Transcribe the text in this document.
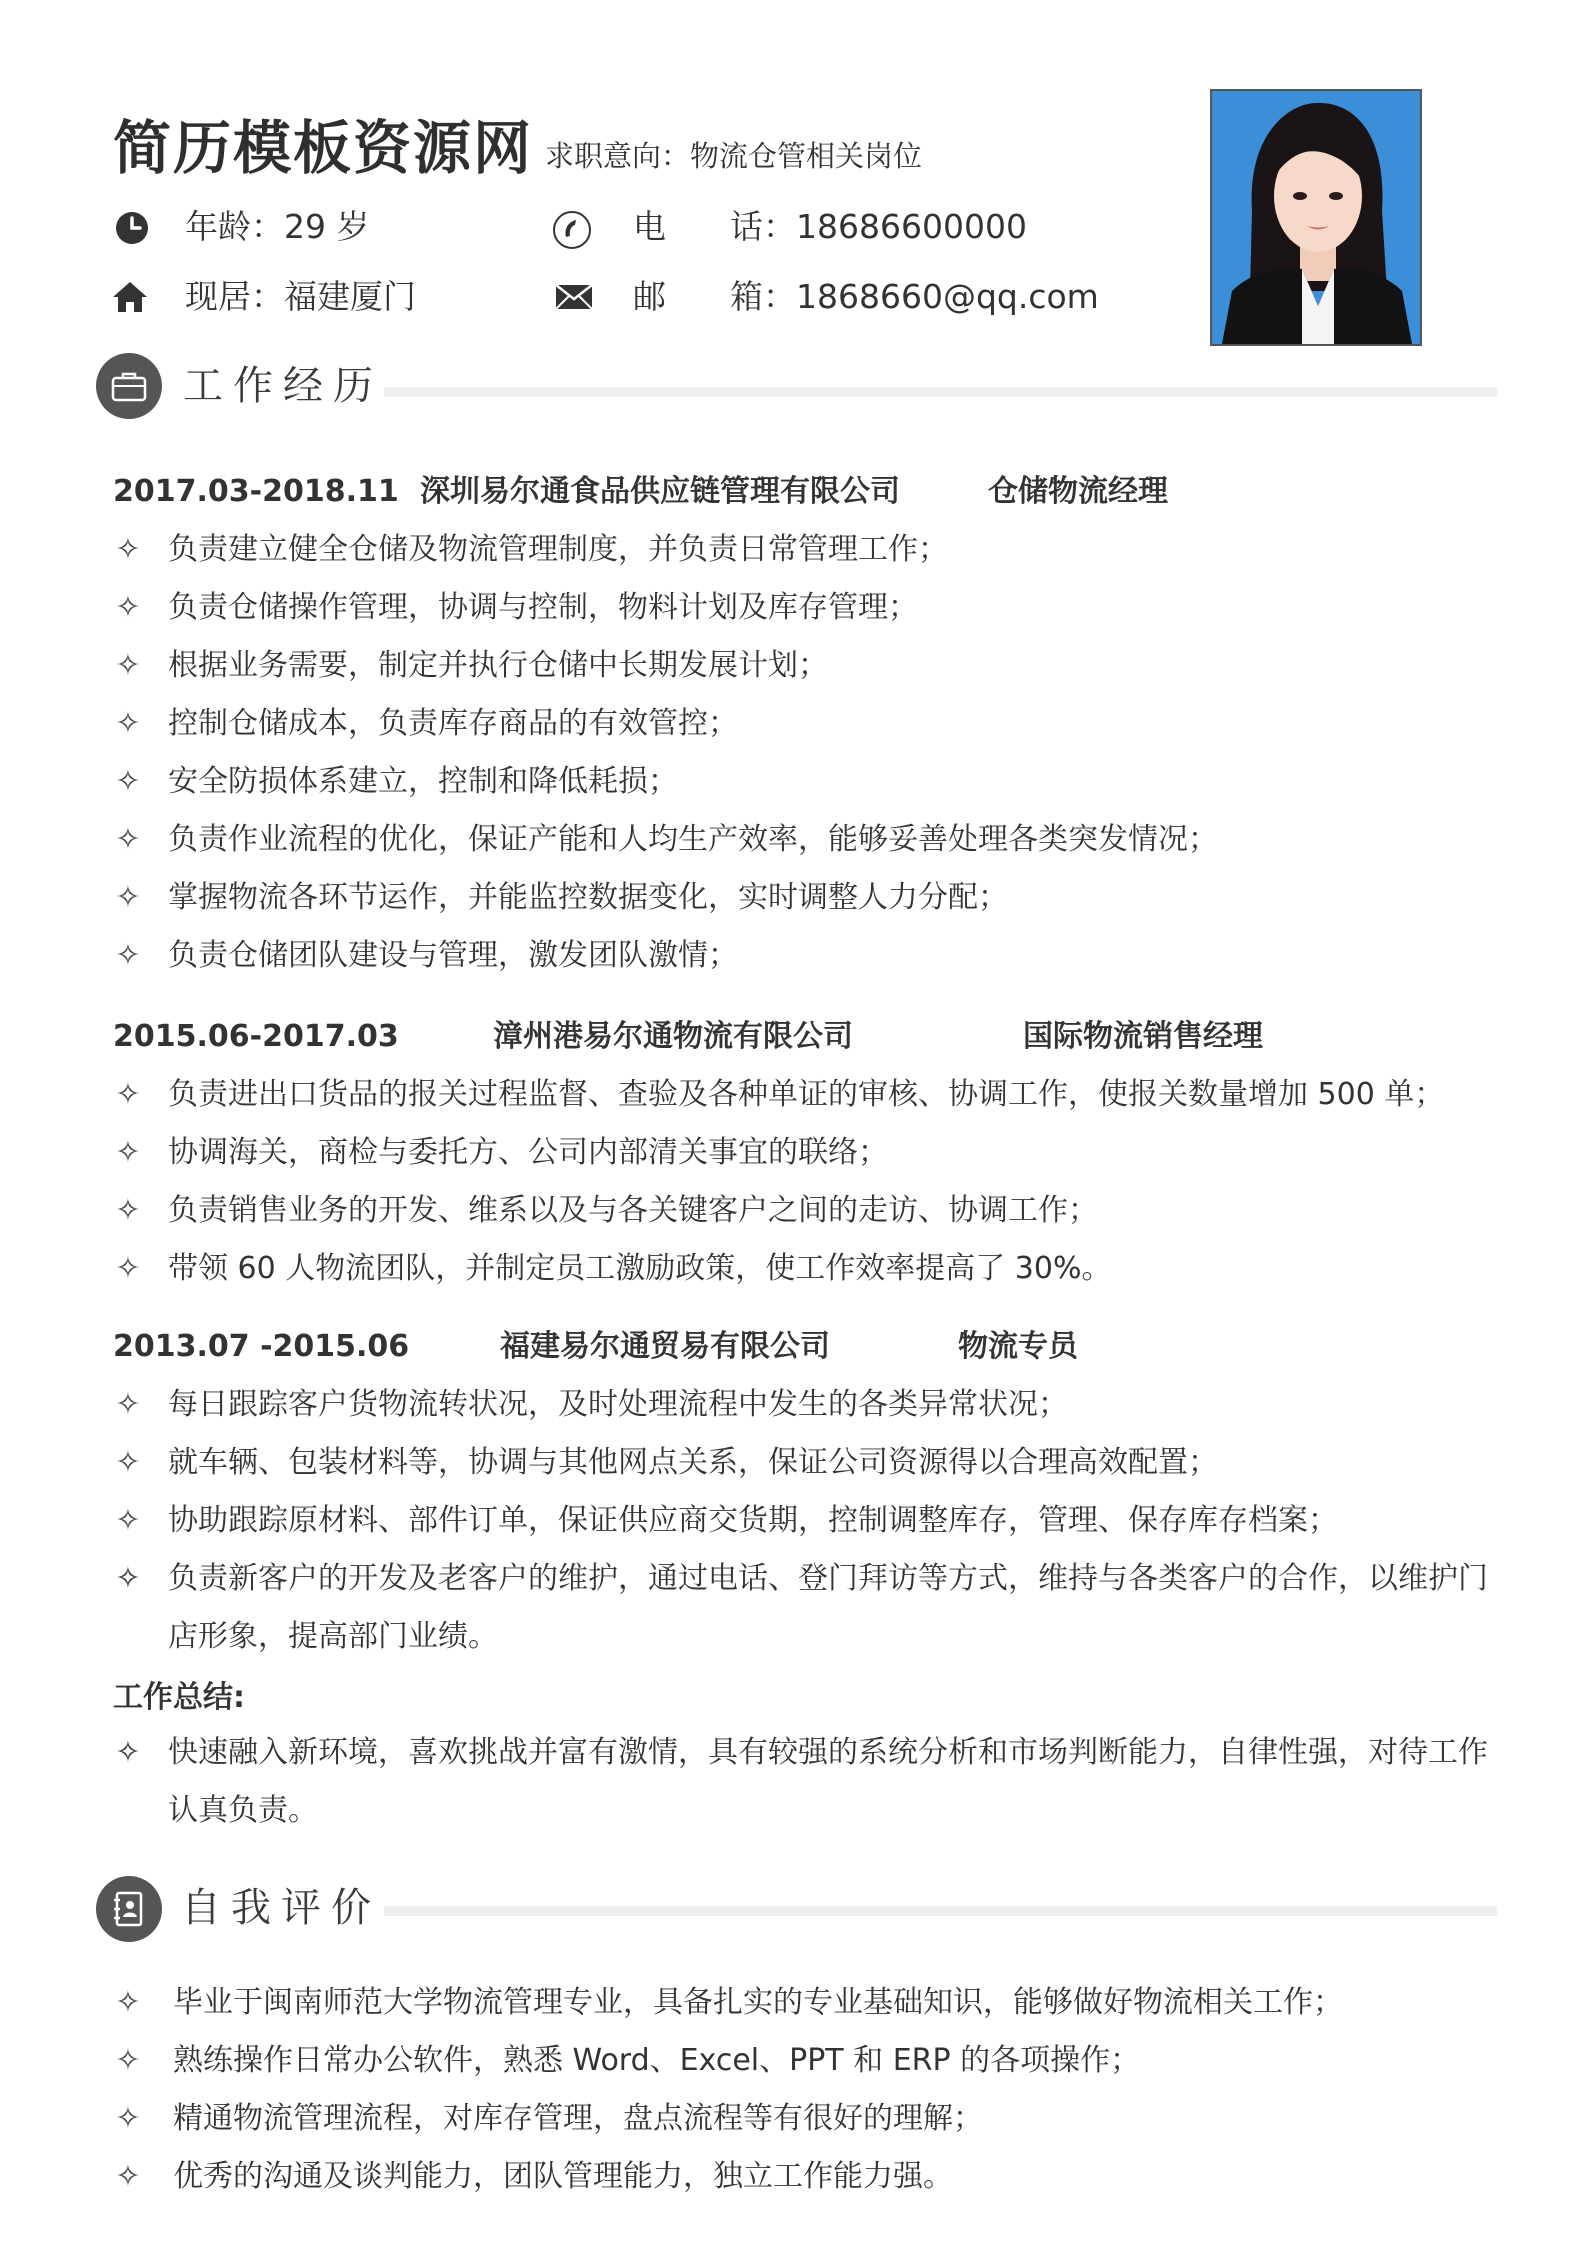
简历模板资源网 求职意向：物流仓管相关岗位
年龄：29 岁	电 话：18686600000
现居：福建厦门	邮 箱：1868660@qq.com
工作经历
2017.03-2018.11 深圳易尔通食品供应链管理有限公司	仓储物流经理
✧ 负责建立健全仓储及物流管理制度，并负责日常管理工作；
✧ 负责仓储操作管理，协调与控制，物料计划及库存管理；
✧ 根据业务需要，制定并执行仓储中长期发展计划；
✧ 控制仓储成本，负责库存商品的有效管控；
✧ 安全防损体系建立，控制和降低耗损；
✧ 负责作业流程的优化，保证产能和人均生产效率，能够妥善处理各类突发情况；
✧ 掌握物流各环节运作，并能监控数据变化，实时调整人力分配；
✧ 负责仓储团队建设与管理，激发团队激情；
2015.06-2017.03	漳州港易尔通物流有限公司	国际物流销售经理
✧ 负责进出口货品的报关过程监督、查验及各种单证的审核、协调工作，使报关数量增加 500 单；
✧ 协调海关，商检与委托方、公司内部清关事宜的联络；
✧ 负责销售业务的开发、维系以及与各关键客户之间的走访、协调工作；
✧ 带领 60 人物流团队，并制定员工激励政策，使工作效率提高了 30%。
2013.07 -2015.06	福建易尔通贸易有限公司	物流专员
✧ 每日跟踪客户货物流转状况，及时处理流程中发生的各类异常状况；
✧ 就车辆、包装材料等，协调与其他网点关系，保证公司资源得以合理高效配置；
✧ 协助跟踪原材料、部件订单，保证供应商交货期，控制调整库存，管理、保存库存档案；
✧ 负责新客户的开发及老客户的维护，通过电话、登门拜访等方式，维持与各类客户的合作，以维护门店形象，提高部门业绩。
工作总结:
✧ 快速融入新环境，喜欢挑战并富有激情，具有较强的系统分析和市场判断能力，自律性强，对待工作认真负责。
自我评价
✧ 毕业于闽南师范大学物流管理专业，具备扎实的专业基础知识，能够做好物流相关工作；
✧ 熟练操作日常办公软件，熟悉 Word、Excel、PPT 和 ERP 的各项操作；
✧ 精通物流管理流程，对库存管理，盘点流程等有很好的理解；
✧ 优秀的沟通及谈判能力，团队管理能力，独立工作能力强。
